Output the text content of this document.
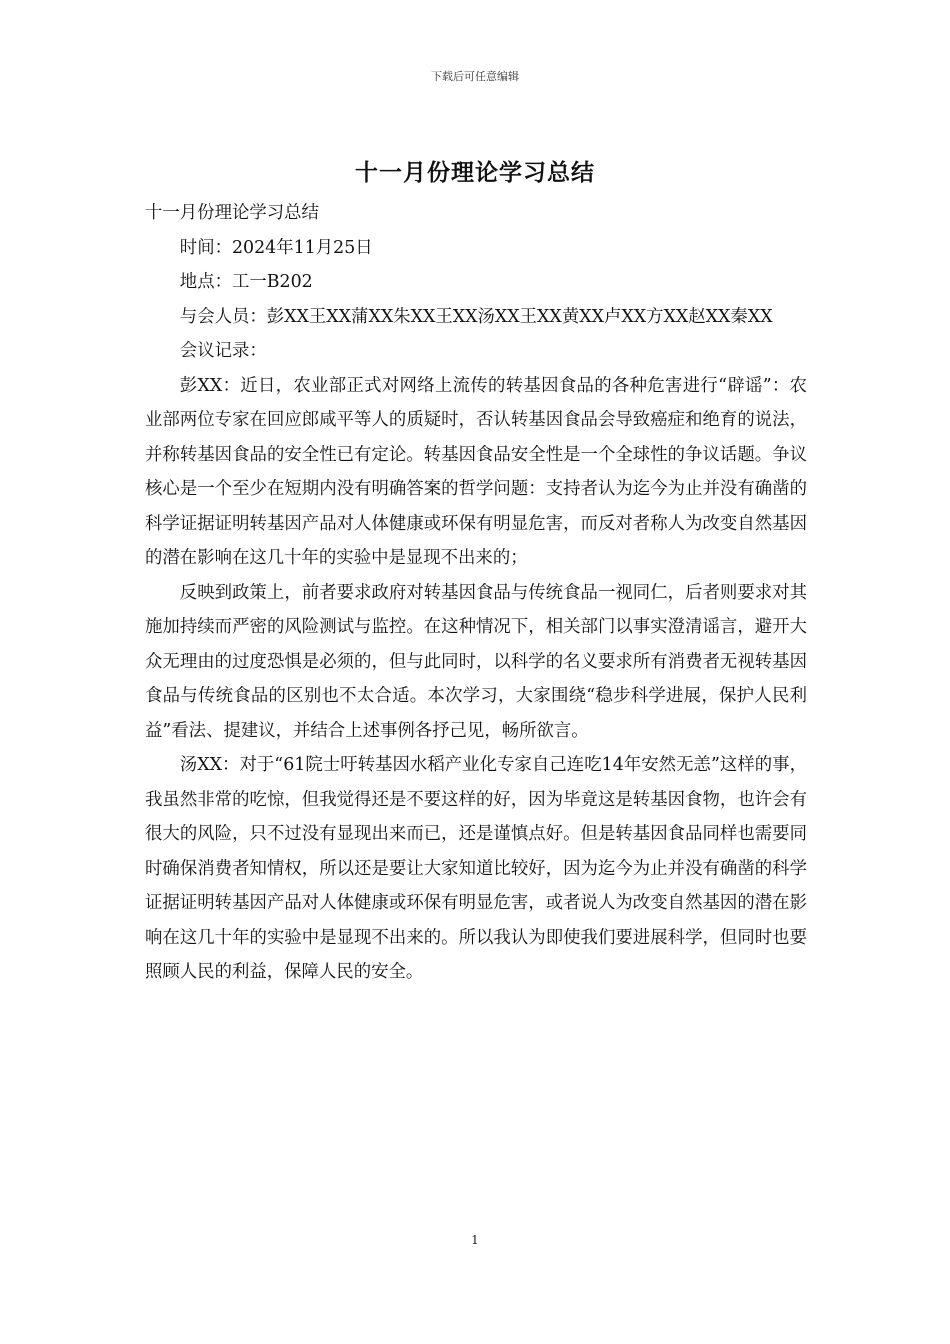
下载后可任意编辑
十一月份理论学习总结

十一月份理论学习总结

时间：2024年11月25日

地点：工一B202

与会人员：彭XX王XX蒲XX朱XX王XX汤XX王XX黄XX卢XX方XX赵XX秦XX

会议记录：

彭XX：近日，农业部正式对网络上流传的转基因食品的各种危害进行“辟谣”：农业部两位专家在回应郎咸平等人的质疑时，否认转基因食品会导致癌症和绝育的说法，并称转基因食品的安全性已有定论。转基因食品安全性是一个全球性的争议话题。争议核心是一个至少在短期内没有明确答案的哲学问题：支持者认为迄今为止并没有确凿的科学证据证明转基因产品对人体健康或环保有明显危害，而反对者称人为改变自然基因的潜在影响在这几十年的实验中是显现不出来的；

反映到政策上，前者要求政府对转基因食品与传统食品一视同仁，后者则要求对其施加持续而严密的风险测试与监控。在这种情况下，相关部门以事实澄清谣言，避开大众无理由的过度恐惧是必须的，但与此同时，以科学的名义要求所有消费者无视转基因食品与传统食品的区别也不太合适。本次学习，大家围绕“稳步科学进展，保护人民利益”看法、提建议，并结合上述事例各抒己见，畅所欲言。

汤XX：对于“61院士吁转基因水稻产业化专家自己连吃14年安然无恙”这样的事，我虽然非常的吃惊，但我觉得还是不要这样的好，因为毕竟这是转基因食物，也许会有很大的风险，只不过没有显现出来而已，还是谨慎点好。但是转基因食品同样也需要同时确保消费者知情权，所以还是要让大家知道比较好，因为迄今为止并没有确凿的科学证据证明转基因产品对人体健康或环保有明显危害，或者说人为改变自然基因的潜在影响在这几十年的实验中是显现不出来的。所以我认为即使我们要进展科学，但同时也要照顾人民的利益，保障人民的安全。

1
